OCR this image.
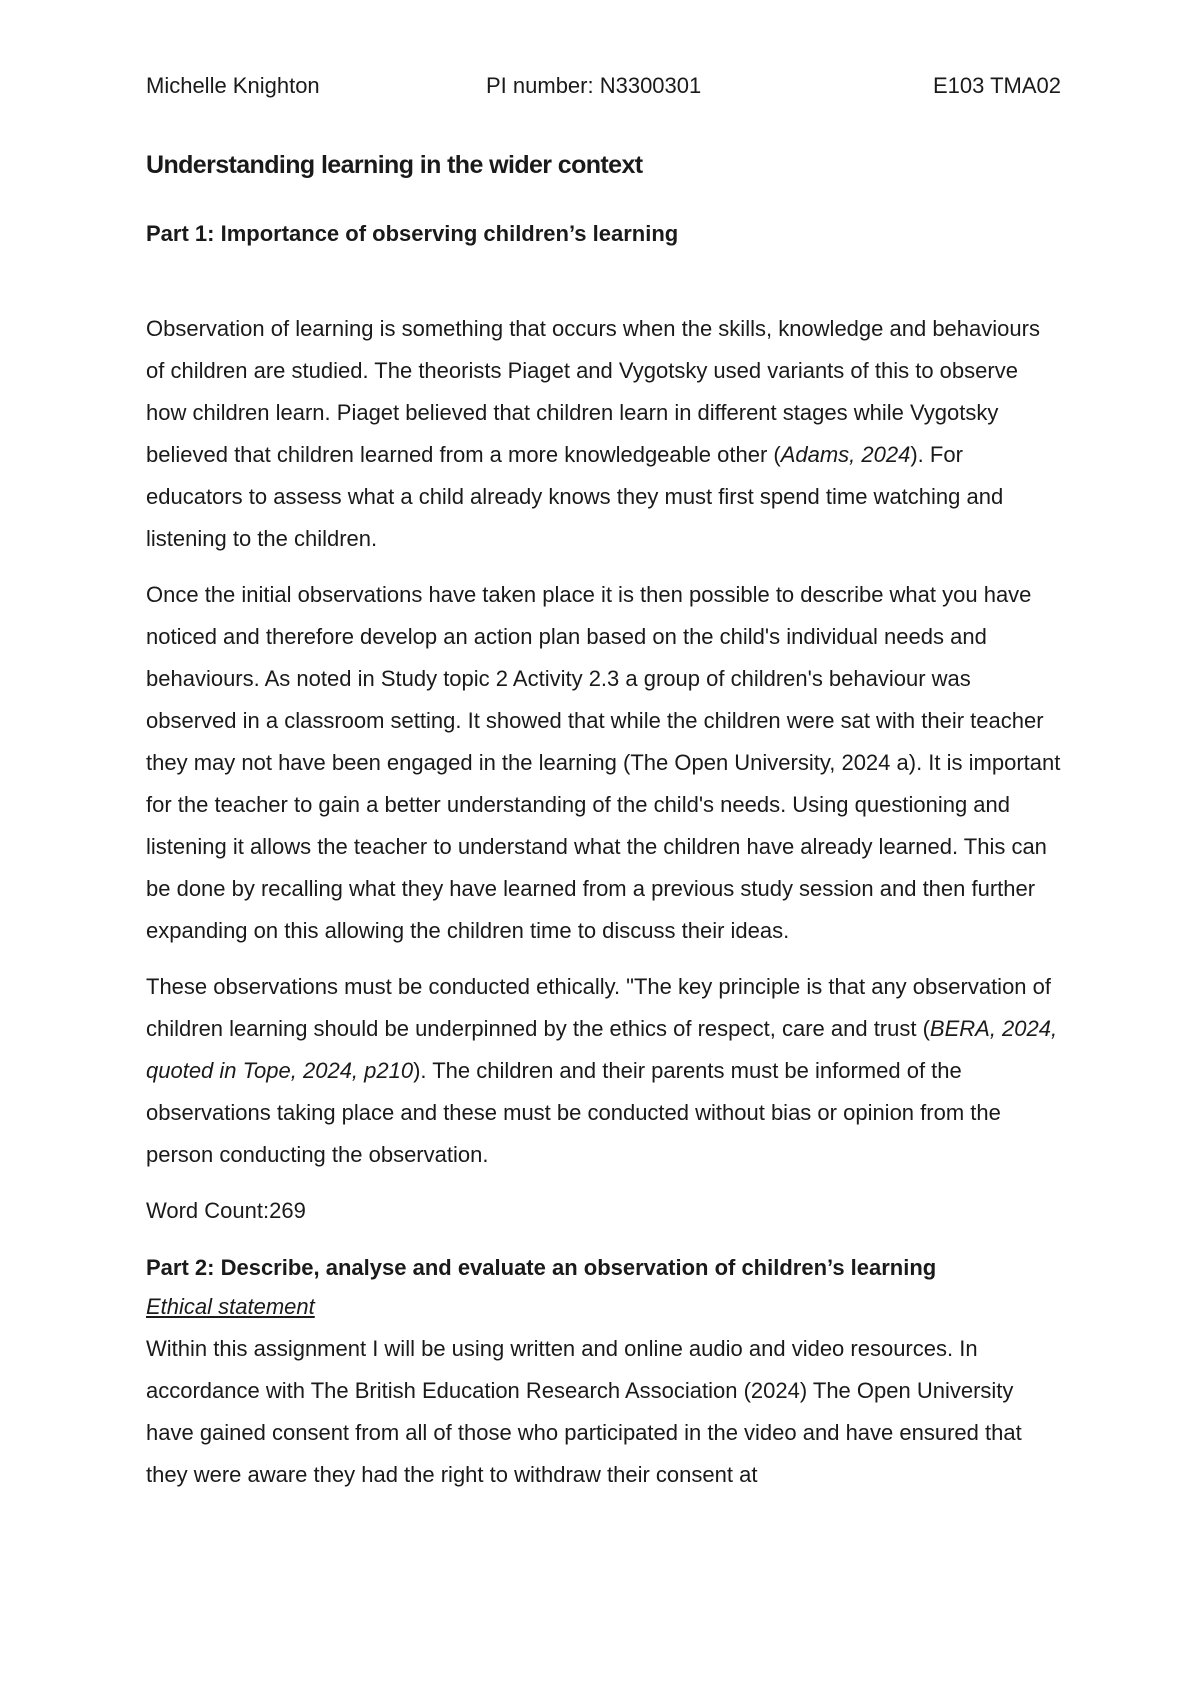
Michelle Knighton	PI number: N3300301	E103 TMA02
Understanding learning in the wider context
Part 1: Importance of observing children’s learning

Observation of learning is something that occurs when the skills, knowledge and behaviours of children are studied. The theorists Piaget and Vygotsky used variants of this to observe how children learn. Piaget believed that children learn in different stages while Vygotsky believed that children learned from a more knowledgeable other (Adams, 2024). For educators to assess what a child already knows they must first spend time watching and listening to the children.

Once the initial observations have taken place it is then possible to describe what you have noticed and therefore develop an action plan based on the child's individual needs and behaviours. As noted in Study topic 2 Activity 2.3 a group of children's behaviour was observed in a classroom setting. It showed that while the children were sat with their teacher they may not have been engaged in the learning (The Open University, 2024 a). It is important for the teacher to gain a better understanding of the child's needs. Using questioning and listening it allows the teacher to understand what the children have already learned. This can be done by recalling what they have learned from a previous study session and then further expanding on this allowing the children time to discuss their ideas.

These observations must be conducted ethically. "The key principle is that any observation of children learning should be underpinned by the ethics of respect, care and trust (BERA, 2024, quoted in Tope, 2024, p210). The children and their parents must be informed of the observations taking place and these must be conducted without bias or opinion from the person conducting the observation.

Word Count:269

Part 2: Describe, analyse and evaluate an observation of children’s learning

Ethical statement

Within this assignment I will be using written and online audio and video resources. In accordance with The British Education Research Association (2024) The Open University have gained consent from all of those who participated in the video and have ensured that they were aware they had the right to withdraw their consent at
